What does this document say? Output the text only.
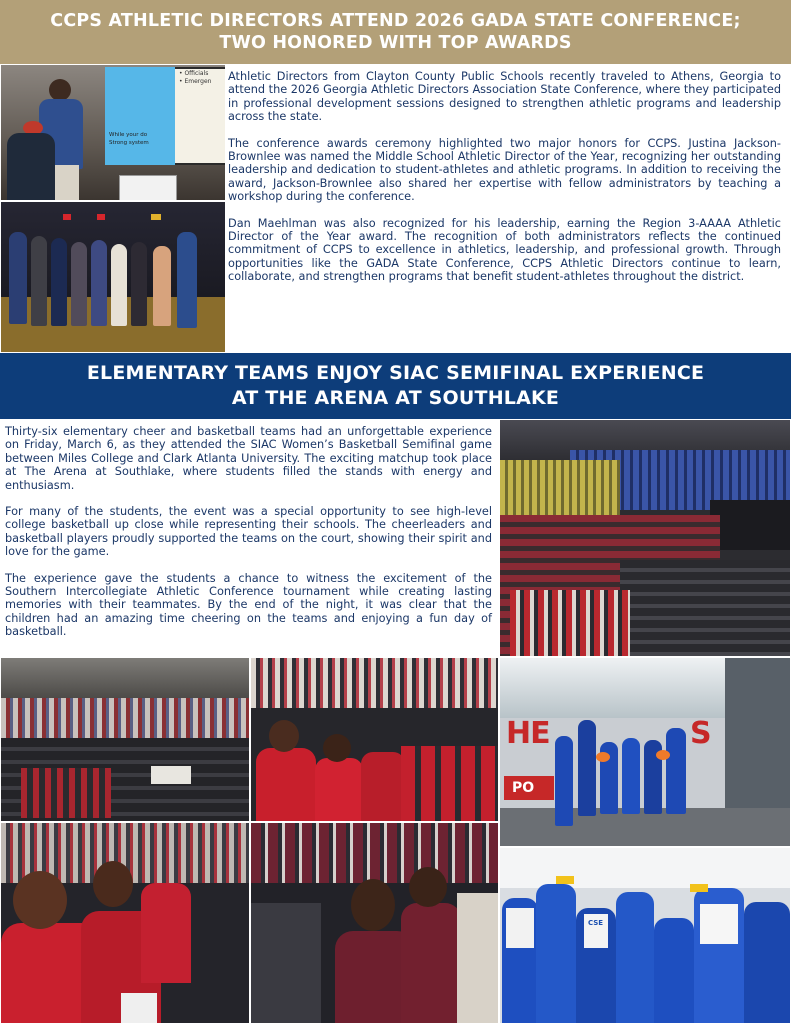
CCPS ATHLETIC DIRECTORS ATTEND 2026 GADA STATE CONFERENCE;
TWO HONORED WITH TOP AWARDS
• Officials
• Emergen
While your do
Strong system

Athletic Directors from Clayton County Public Schools recently traveled to Athens, Georgia to attend the 2026 Georgia Athletic Directors Association State Conference, where they participated in professional development sessions designed to strengthen athletic programs and leadership across the state.

The conference awards ceremony highlighted two major honors for CCPS. Justina Jackson-Brownlee was named the Middle School Athletic Director of the Year, recognizing her outstanding leadership and dedication to student-athletes and athletic programs. In addition to receiving the award, Jackson-Brownlee also shared her expertise with fellow administrators by teaching a workshop during the conference.

Dan Maehlman was also recognized for his leadership, earning the Region 3-AAAA Athletic Director of the Year award. The recognition of both administrators reflects the continued commitment of CCPS to excellence in athletics, leadership, and professional growth. Through opportunities like the GADA State Conference, CCPS Athletic Directors continue to learn, collaborate, and strengthen programs that benefit student-athletes throughout the district.

ELEMENTARY TEAMS ENJOY SIAC SEMIFINAL EXPERIENCE
AT THE ARENA AT SOUTHLAKE

Thirty-six elementary cheer and basketball teams had an unforgettable experience on Friday, March 6, as they attended the SIAC Women’s Basketball Semifinal game between Miles College and Clark Atlanta University. The exciting matchup took place at The Arena at Southlake, where students filled the stands with energy and enthusiasm.

For many of the students, the event was a special opportunity to see high-level college basketball up close while representing their schools. The cheerleaders and basketball players proudly supported the teams on the court, showing their spirit and love for the game.

The experience gave the students a chance to witness the excitement of the Southern Intercollegiate Athletic Conference tournament while creating lasting memories with their teammates. By the end of the night, it was clear that the children had an amazing time cheering on the teams and enjoying a fun day of basketball.

HE	S
PO
CSE
